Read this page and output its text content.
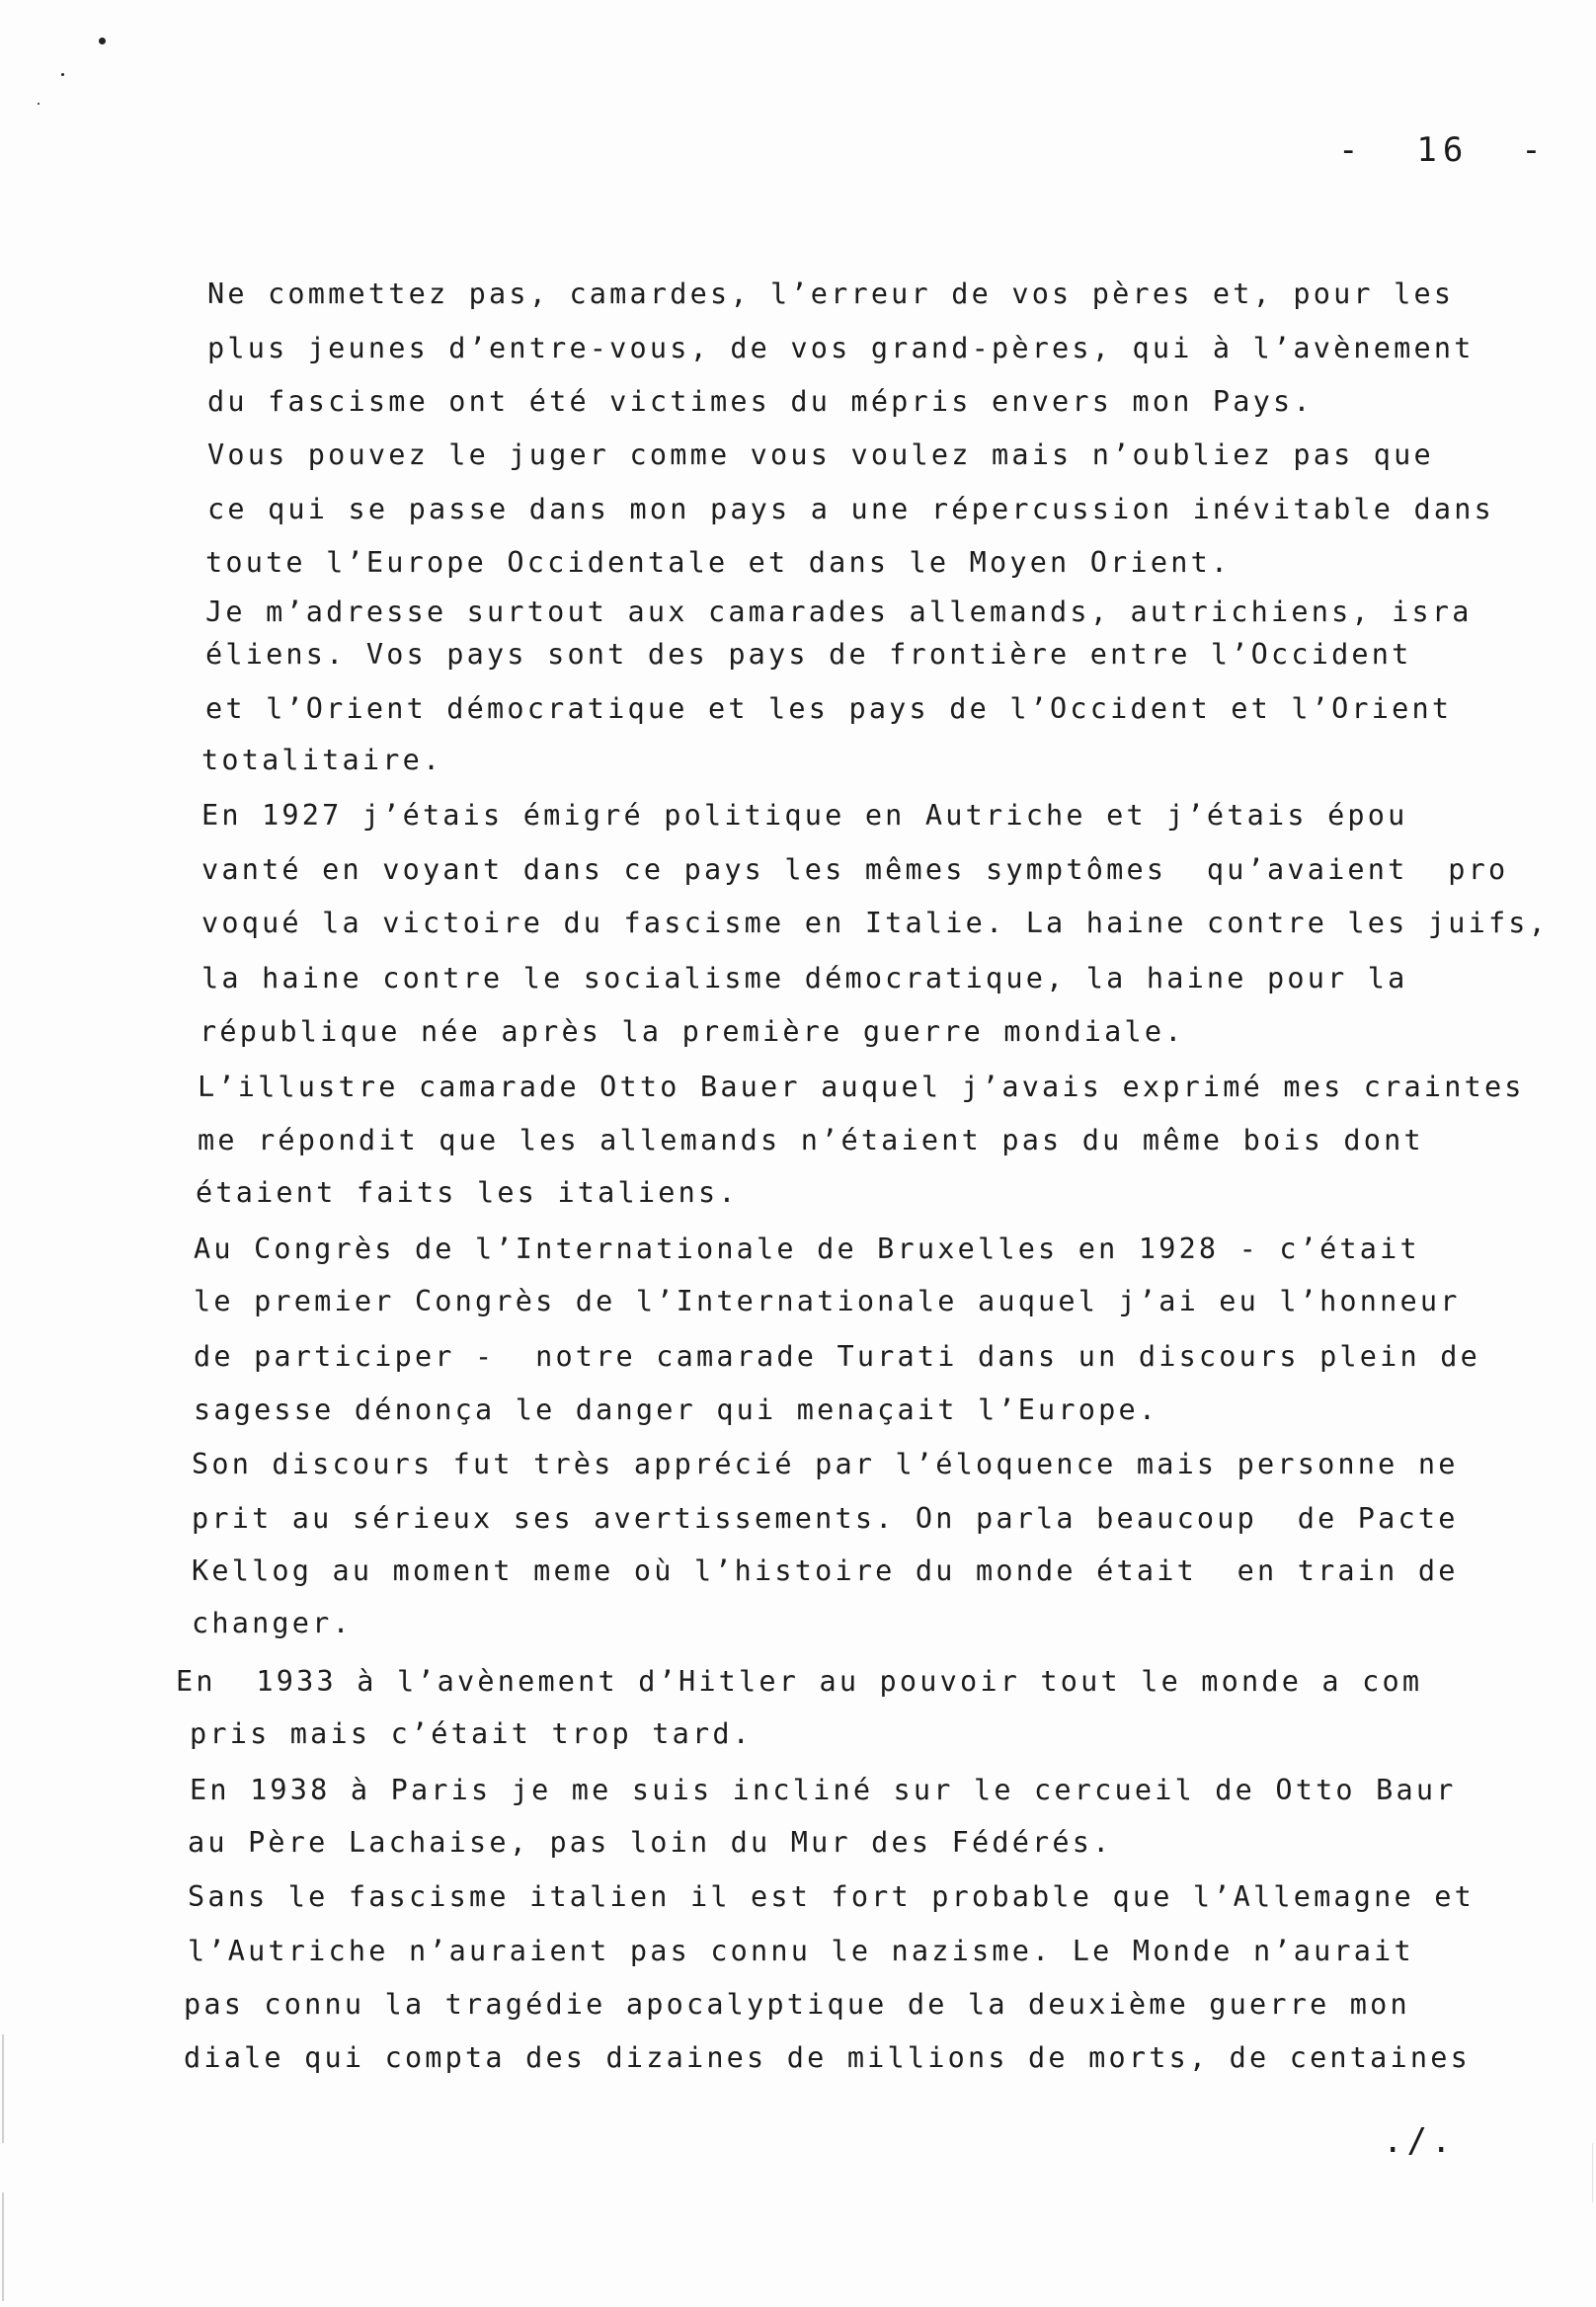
-  16  -
Ne commettez pas, camardes, l’erreur de vos pères et, pour les
plus jeunes d’entre-vous, de vos grand-pères, qui à l’avènement
du fascisme ont été victimes du mépris envers mon Pays.
Vous pouvez le juger comme vous voulez mais n’oubliez pas que
ce qui se passe dans mon pays a une répercussion inévitable dans
toute l’Europe Occidentale et dans le Moyen Orient.
Je m’adresse surtout aux camarades allemands, autrichiens, isra
éliens. Vos pays sont des pays de frontière entre l’Occident
et l’Orient démocratique et les pays de l’Occident et l’Orient
totalitaire.
En 1927 j’étais émigré politique en Autriche et j’étais épou
vanté en voyant dans ce pays les mêmes symptômes  qu’avaient  pro
voqué la victoire du fascisme en Italie. La haine contre les juifs,
la haine contre le socialisme démocratique, la haine pour la
république née après la première guerre mondiale.
L’illustre camarade Otto Bauer auquel j’avais exprimé mes craintes
me répondit que les allemands n’étaient pas du même bois dont
étaient faits les italiens.
Au Congrès de l’Internationale de Bruxelles en 1928 - c’était
le premier Congrès de l’Internationale auquel j’ai eu l’honneur
de participer -  notre camarade Turati dans un discours plein de
sagesse dénonça le danger qui menaçait l’Europe.
Son discours fut très apprécié par l’éloquence mais personne ne
prit au sérieux ses avertissements. On parla beaucoup  de Pacte
Kellog au moment meme où l’histoire du monde était  en train de
changer.
En  1933 à l’avènement d’Hitler au pouvoir tout le monde a com
pris mais c’était trop tard.
En 1938 à Paris je me suis incliné sur le cercueil de Otto Baur
au Père Lachaise, pas loin du Mur des Fédérés.
Sans le fascisme italien il est fort probable que l’Allemagne et
l’Autriche n’auraient pas connu le nazisme. Le Monde n’aurait
pas connu la tragédie apocalyptique de la deuxième guerre mon
diale qui compta des dizaines de millions de morts, de centaines
./.
